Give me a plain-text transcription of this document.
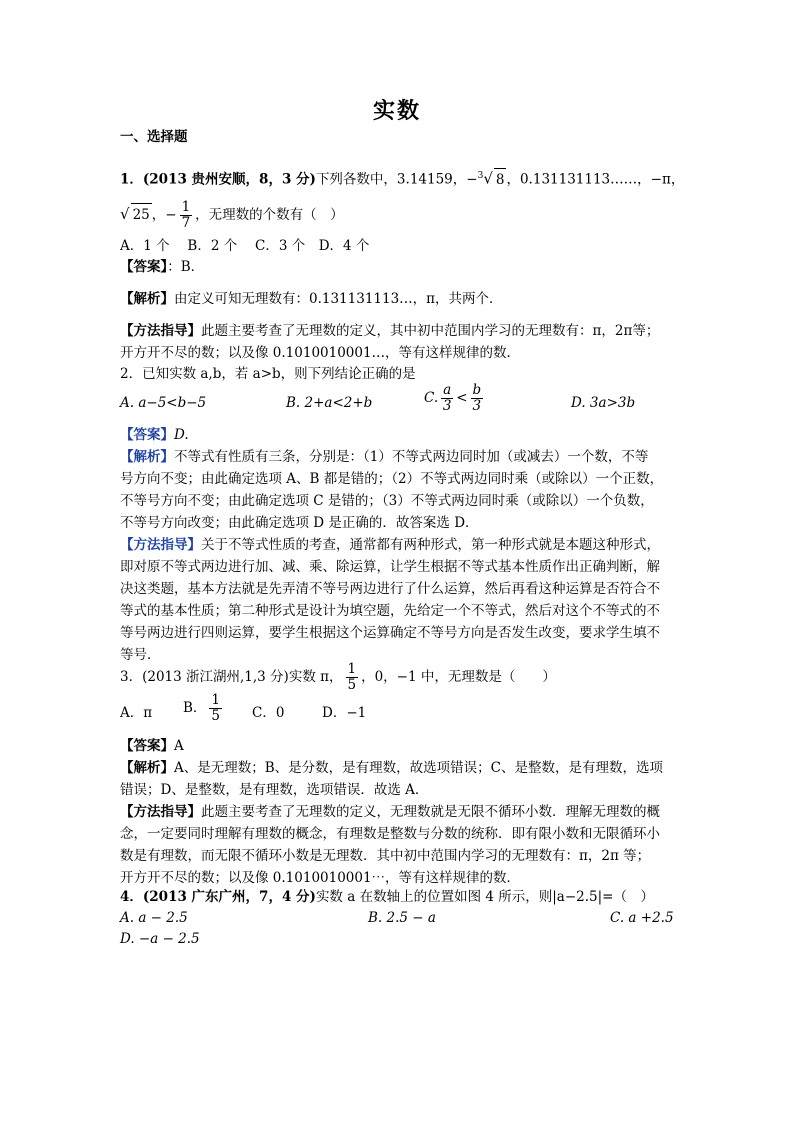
实数
一、选择题
1．(2013 贵州安顺，8，3 分)下列各数中，3.14159，−$^3$√ 8 ，0.131131113……，−π，
√ 25 ，− $\frac{1}{7}$ ，无理数的个数有（　）
A．1 个　 B．2 个　 C．3 个　D．4 个
【答案】：B．
【解析】由定义可知无理数有：0.131131113…，π，共两个．
【方法指导】此题主要考查了无理数的定义，其中初中范围内学习的无理数有：π，2π等；
开方开不尽的数；以及像 0.1010010001…，等有这样规律的数．
2．已知实数 a,b，若 a>b，则下列结论正确的是
A. a−5<b−5	B. 2+a<2+b	C. $\frac{a}{3} < \frac{b}{3}$	D. 3a>3b
【答案】D.
【解析】不等式有性质有三条，分别是：（1）不等式两边同时加（或减去）一个数，不等
号方向不变；由此确定选项 A、B 都是错的；（2）不等式两边同时乘（或除以）一个正数，
不等号方向不变；由此确定选项 C 是错的；（3）不等式两边同时乘（或除以）一个负数，
不等号方向改变；由此确定选项 D 是正确的．故答案选 D．
【方法指导】关于不等式性质的考查，通常都有两种形式，第一种形式就是本题这种形式，
即对原不等式两边进行加、减、乘、除运算，让学生根据不等式基本性质作出正确判断，解
决这类题，基本方法就是先弄清不等号两边进行了什么运算，然后再看这种运算是否符合不
等式的基本性质；第二种形式是设计为填空题，先给定一个不等式，然后对这个不等式的不
等号两边进行四则运算，要学生根据这个运算确定不等号方向是否发生改变，要求学生填不
等号．
3．(2013 浙江湖州,1,3 分)实数 π， $\frac{1}{5}$ ，0，−1 中，无理数是（　　）
A．π B． $\frac{1}{5}$ C．0	D．−1
【答案】A
【解析】A、是无理数；B、是分数，是有理数，故选项错误；C、是整数，是有理数，选项
错误；D、是整数，是有理数，选项错误．故选 A．
【方法指导】此题主要考查了无理数的定义，无理数就是无限不循环小数．理解无理数的概
念，一定要同时理解有理数的概念，有理数是整数与分数的统称．即有限小数和无限循环小
数是有理数，而无限不循环小数是无理数．其中初中范围内学习的无理数有：π，2π 等；
开方开不尽的数；以及像 0.1010010001⋯，等有这样规律的数．
4．(2013 广东广州，7，4 分)实数 a 在数轴上的位置如图 4 所示，则|a−2.5|=（　）
A. a − 2.5	B. 2.5 − a	C. a +2.5
D. −a − 2.5
